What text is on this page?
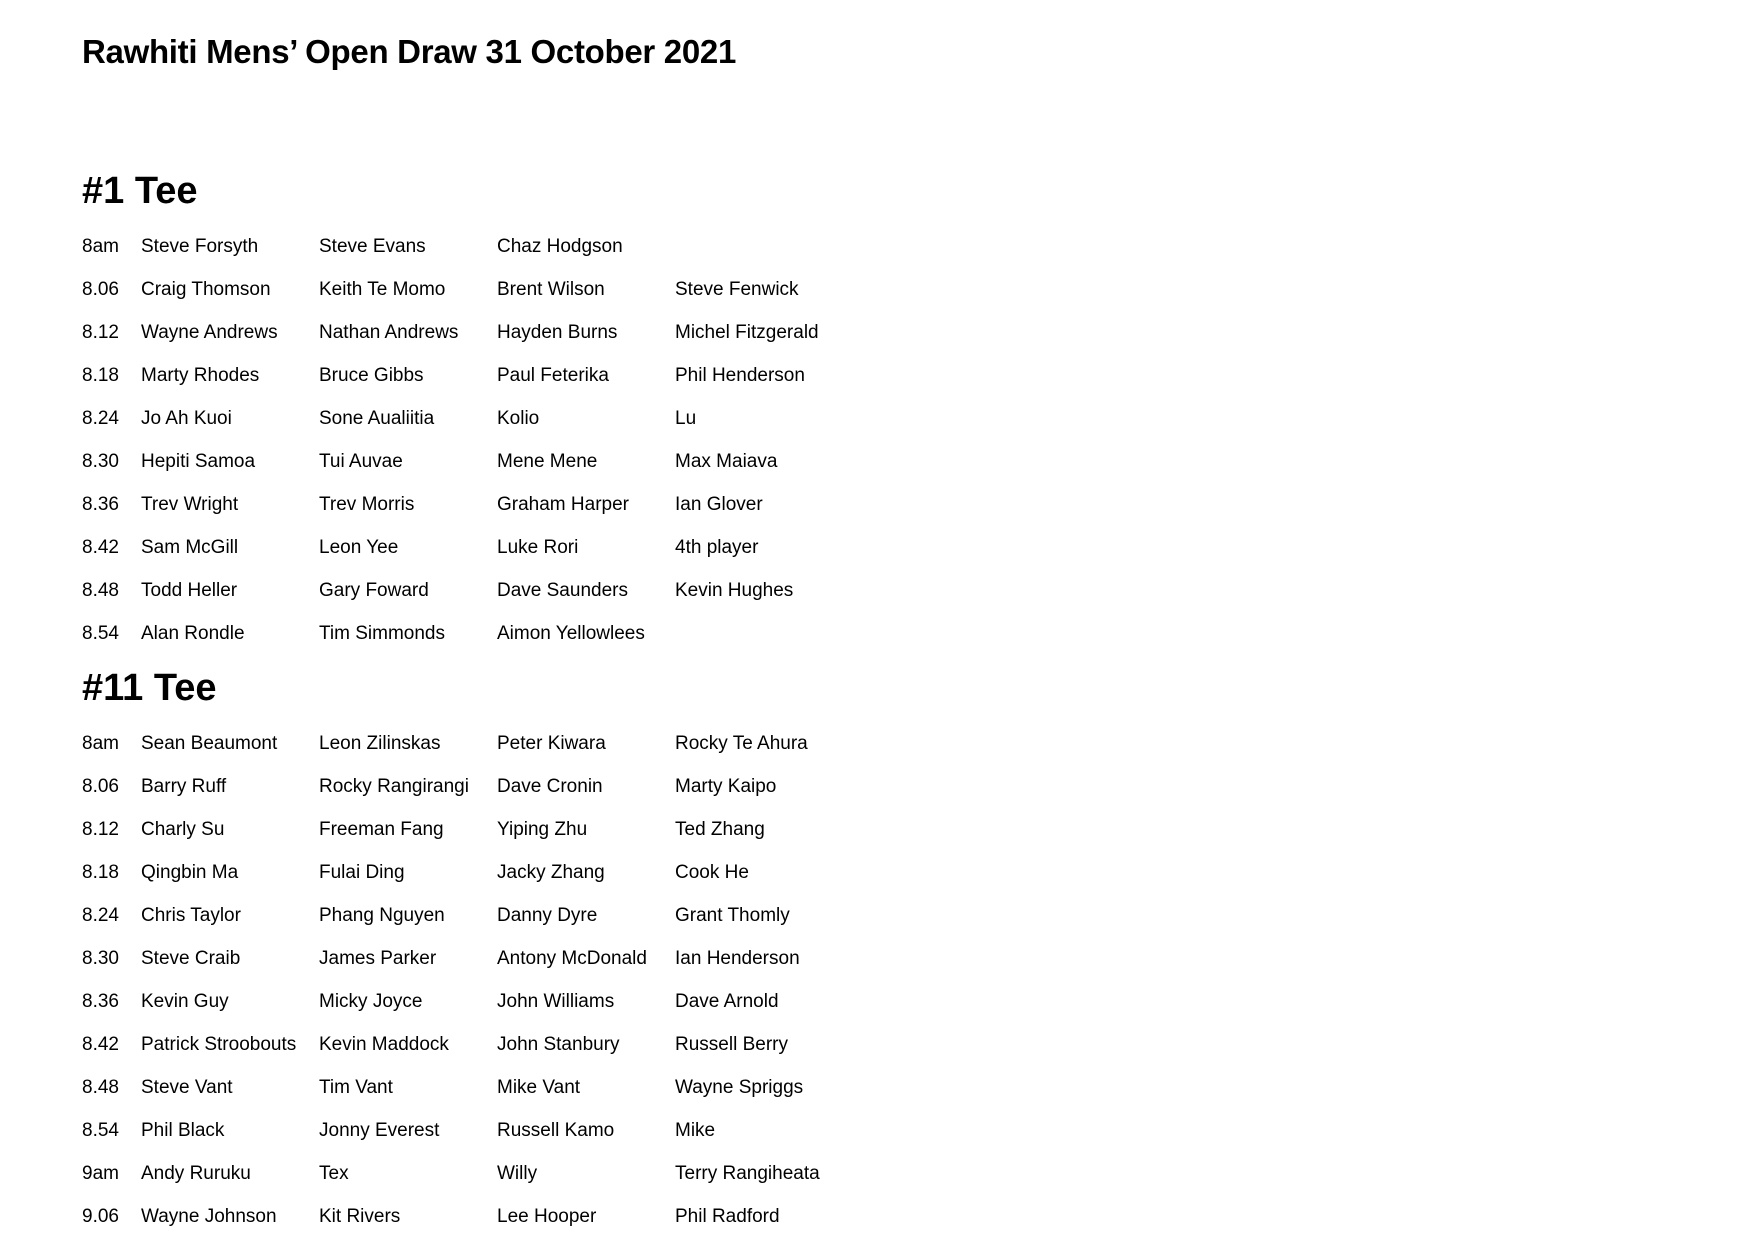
Rawhiti Mens’ Open Draw 31 October 2021
#1 Tee
8am	Steve Forsyth	Steve Evans	Chaz Hodgson	
8.06	Craig Thomson	Keith Te Momo	Brent Wilson	Steve Fenwick
8.12	Wayne Andrews	Nathan Andrews	Hayden Burns	Michel Fitzgerald
8.18	Marty Rhodes	Bruce Gibbs	Paul Feterika	Phil Henderson
8.24	Jo Ah Kuoi	Sone Aualiitia	Kolio	Lu
8.30	Hepiti Samoa	Tui Auvae	Mene Mene	Max Maiava
8.36	Trev Wright	Trev Morris	Graham Harper	Ian Glover
8.42	Sam McGill	Leon Yee	Luke Rori	4th player
8.48	Todd Heller	Gary Foward	Dave Saunders	Kevin Hughes
8.54	Alan Rondle	Tim Simmonds	Aimon Yellowlees	
#11 Tee
8am	Sean Beaumont	Leon Zilinskas	Peter Kiwara	Rocky Te Ahura
8.06	Barry Ruff	Rocky Rangirangi	Dave Cronin	Marty Kaipo
8.12	Charly Su	Freeman Fang	Yiping Zhu	Ted Zhang
8.18	Qingbin Ma	Fulai Ding	Jacky Zhang	Cook He
8.24	Chris Taylor	Phang Nguyen	Danny Dyre	Grant Thomly
8.30	Steve Craib	James Parker	Antony McDonald	Ian Henderson
8.36	Kevin Guy	Micky Joyce	John Williams	Dave Arnold
8.42	Patrick Stroobouts	Kevin Maddock	John Stanbury	Russell Berry
8.48	Steve Vant	Tim Vant	Mike Vant	Wayne Spriggs
8.54	Phil Black	Jonny Everest	Russell Kamo	Mike
9am	Andy Ruruku	Tex	Willy	Terry Rangiheata
9.06	Wayne Johnson	Kit Rivers	Lee Hooper	Phil Radford
